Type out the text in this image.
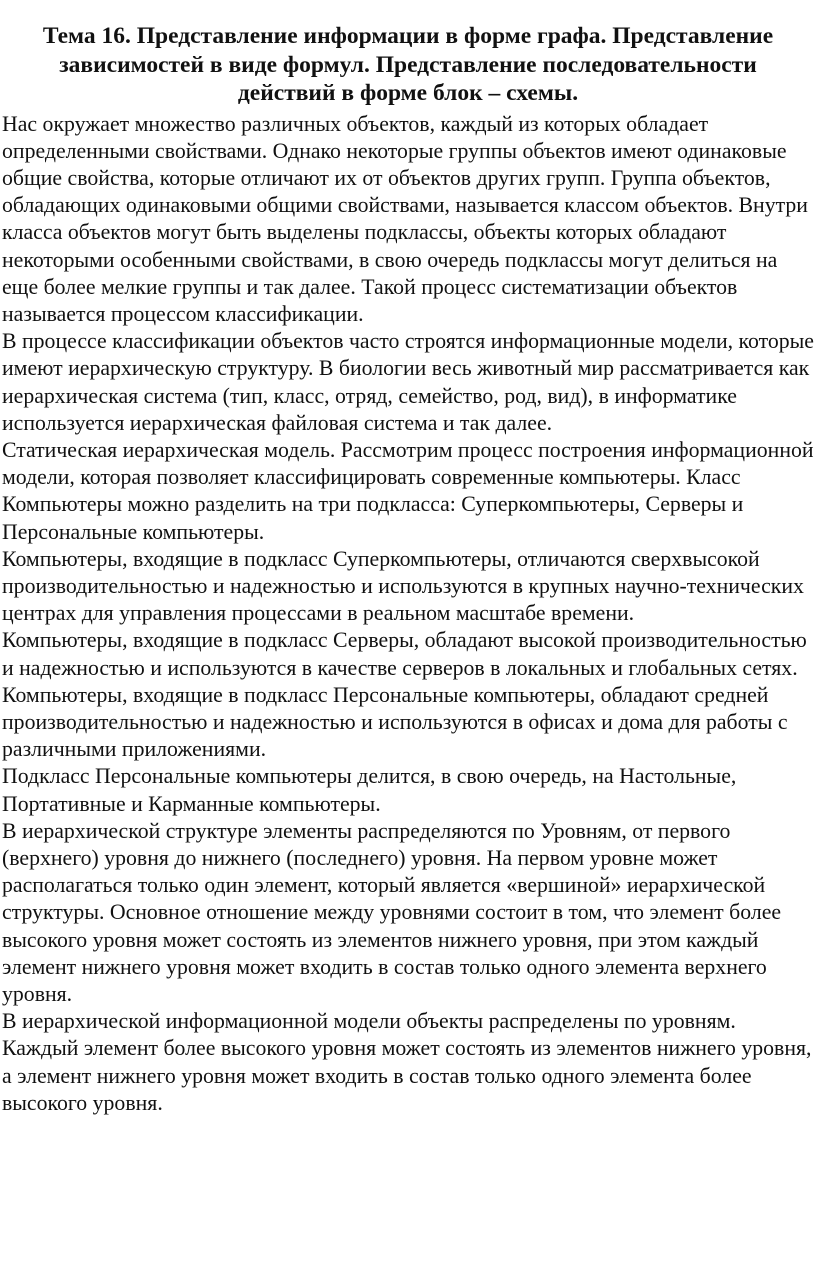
Тема 16. Представление информации в форме графа. Представление зависимостей в виде формул. Представление последовательности действий в форме блок – схемы.

Нас окружает множество различных объектов, каждый из которых обладает определенными свойствами. Однако некоторые группы объектов имеют одинаковые общие свойства, которые отличают их от объектов других групп. Группа объектов, обладающих одинаковыми общими свойствами, называется классом объектов. Внутри класса объектов могут быть выделены подклассы, объекты которых обладают некоторыми особенными свойствами, в свою очередь подклассы могут делиться на еще более мелкие группы и так далее. Такой процесс систематизации объектов называется процессом классификации.

В процессе классификации объектов часто строятся информационные модели, которые имеют иерархическую структуру. В биологии весь животный мир рассматривается как иерархическая система (тип, класс, отряд, семейство, род, вид), в информатике используется иерархическая файловая система и так далее.

Статическая иерархическая модель. Рассмотрим процесс построения информационной модели, которая позволяет классифицировать современные компьютеры. Класс Компьютеры можно разделить на три подкласса: Суперкомпьютеры, Серверы и Персональные компьютеры.

Компьютеры, входящие в подкласс Суперкомпьютеры, отличаются сверхвысокой производительностью и надежностью и используются в крупных научно-технических центрах для управления процессами в реальном масштабе времени.

Компьютеры, входящие в подкласс Серверы, обладают высокой производительностью и надежностью и используются в качестве серверов в локальных и глобальных сетях.

Компьютеры, входящие в подкласс Персональные компьютеры, обладают средней производительностью и надежностью и используются в офисах и дома для работы с различными приложениями.

Подкласс Персональные компьютеры делится, в свою очередь, на Настольные, Портативные и Карманные компьютеры.

В иерархической структуре элементы распределяются по Уровням, от первого (верхнего) уровня до нижнего (последнего) уровня. На первом уровне может располагаться только один элемент, который является «вершиной» иерархической структуры. Основное отношение между уровнями состоит в том, что элемент более высокого уровня может состоять из элементов нижнего уровня, при этом каждый элемент нижнего уровня может входить в состав только одного элемента верхнего уровня.

В иерархической информационной модели объекты распределены по уровням. Каждый элемент более высокого уровня может состоять из элементов нижнего уровня, а элемент нижнего уровня может входить в состав только одного элемента более высокого уровня.
